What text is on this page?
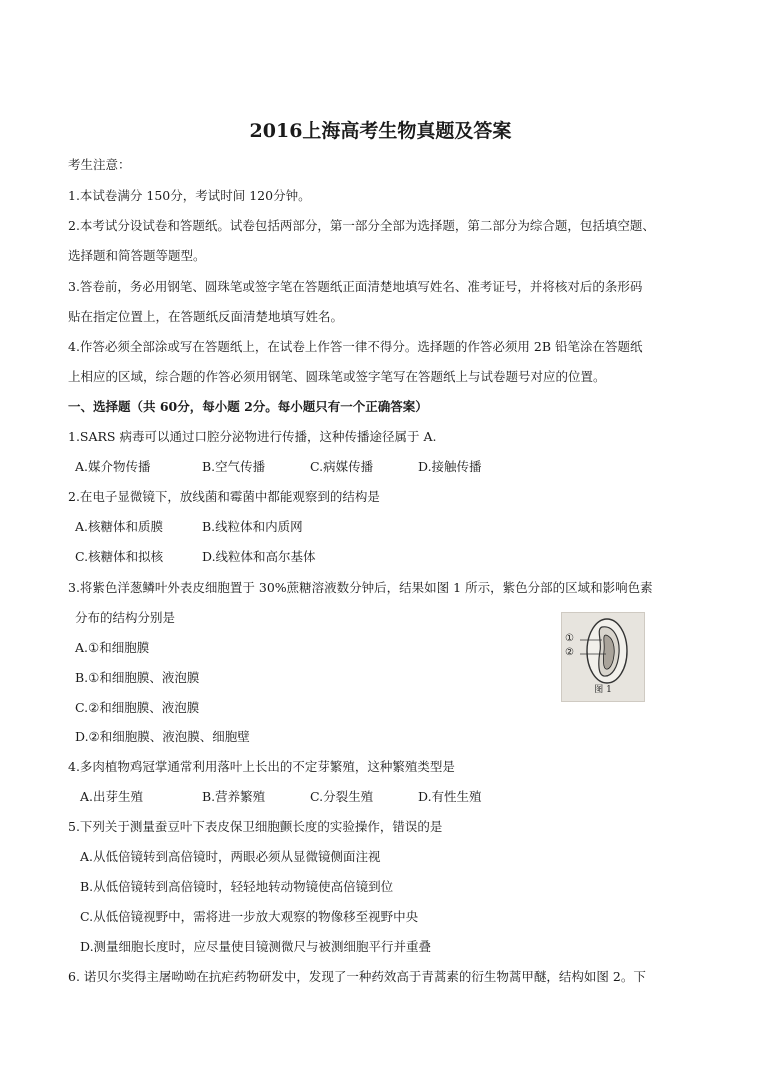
2016上海高考生物真题及答案
考生注意：
1.本试卷满分 150分，考试时间 120分钟。
2.本考试分设试卷和答题纸。试卷包括两部分，第一部分全部为选择题，第二部分为综合题，包括填空题、
选择题和简答题等题型。
3.答卷前，务必用钢笔、圆珠笔或签字笔在答题纸正面清楚地填写姓名、准考证号，并将核对后的条形码
贴在指定位置上，在答题纸反面清楚地填写姓名。
4.作答必须全部涂或写在答题纸上，在试卷上作答一律不得分。选择题的作答必须用 2B 铅笔涂在答题纸
上相应的区域，综合题的作答必须用钢笔、圆珠笔或签字笔写在答题纸上与试卷题号对应的位置。
一、选择题（共 60分，每小题 2分。每小题只有一个正确答案）
1.SARS 病毒可以通过口腔分泌物进行传播，这种传播途径属于 A.
A.媒介物传播	B.空气传播	C.病媒传播	D.接触传播
2.在电子显微镜下，放线菌和霉菌中都能观察到的结构是
A.核糖体和质膜	B.线粒体和内质网
C.核糖体和拟核	D.线粒体和高尔基体
3.将紫色洋葱鳞叶外表皮细胞置于 30%蔗糖溶液数分钟后，结果如图 1 所示，紫色分部的区域和影响色素
分布的结构分别是
A.①和细胞膜
B.①和细胞膜、液泡膜
C.②和细胞膜、液泡膜
D.②和细胞膜、液泡膜、细胞壁
①
②
图 1
4.多肉植物鸡冠掌通常利用落叶上长出的不定芽繁殖，这种繁殖类型是
A.出芽生殖	B.营养繁殖	C.分裂生殖	D.有性生殖
5.下列关于测量蚕豆叶下表皮保卫细胞颤长度的实验操作，错误的是
A.从低倍镜转到高倍镜时，两眼必须从显微镜侧面注视
B.从低倍镜转到高倍镜时，轻轻地转动物镜使高倍镜到位
C.从低倍镜视野中，需将进一步放大观察的物像移至视野中央
D.测量细胞长度时，应尽量使目镜测微尺与被测细胞平行并重叠
6. 诺贝尔奖得主屠呦呦在抗疟药物研发中，发现了一种药效高于青蒿素的衍生物蒿甲醚，结构如图 2。下
